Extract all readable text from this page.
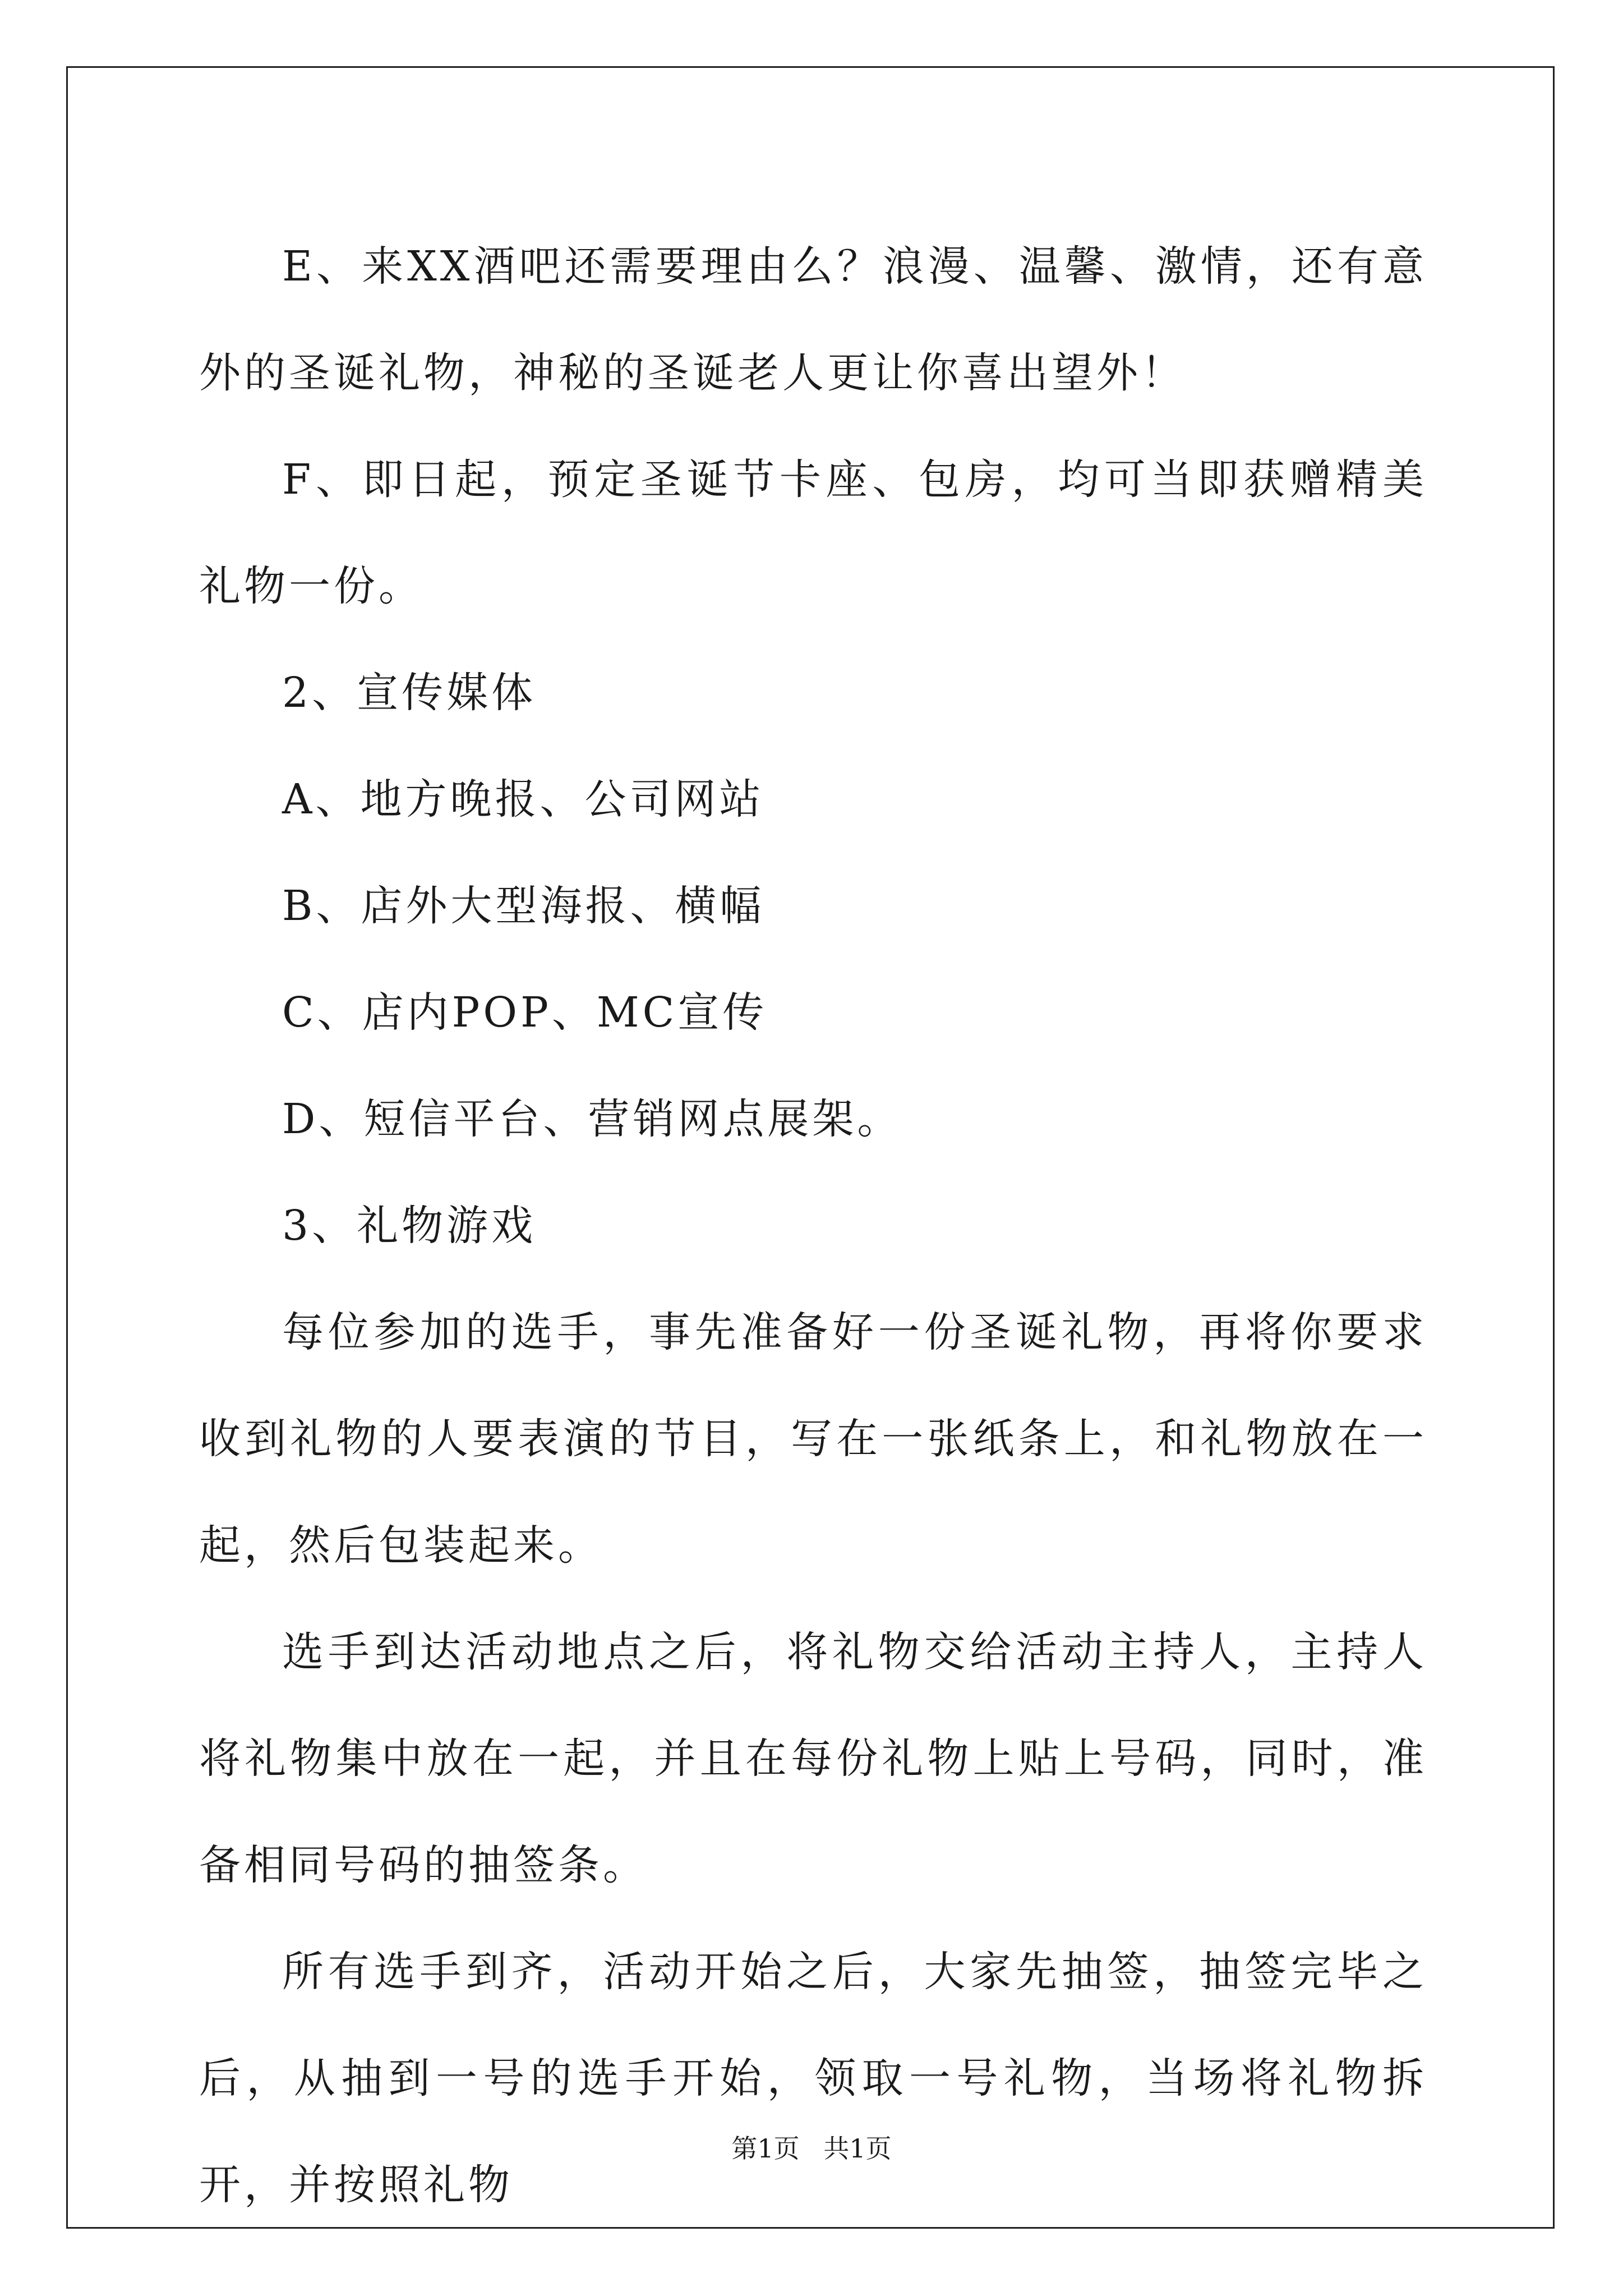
E、来XX酒吧还需要理由么？浪漫、温馨、激情，还有意外的圣诞礼物，神秘的圣诞老人更让你喜出望外！

F、即日起，预定圣诞节卡座、包房，均可当即获赠精美礼物一份。

2、宣传媒体

A、地方晚报、公司网站

B、店外大型海报、横幅

C、店内POP、MC宣传

D、短信平台、营销网点展架。

3、礼物游戏

每位参加的选手，事先准备好一份圣诞礼物，再将你要求收到礼物的人要表演的节目，写在一张纸条上，和礼物放在一起，然后包装起来。

选手到达活动地点之后，将礼物交给活动主持人，主持人将礼物集中放在一起，并且在每份礼物上贴上号码，同时，准备相同号码的抽签条。

所有选手到齐，活动开始之后，大家先抽签，抽签完毕之后，从抽到一号的选手开始，领取一号礼物，当场将礼物拆开，并按照礼物

第1页 共1页
